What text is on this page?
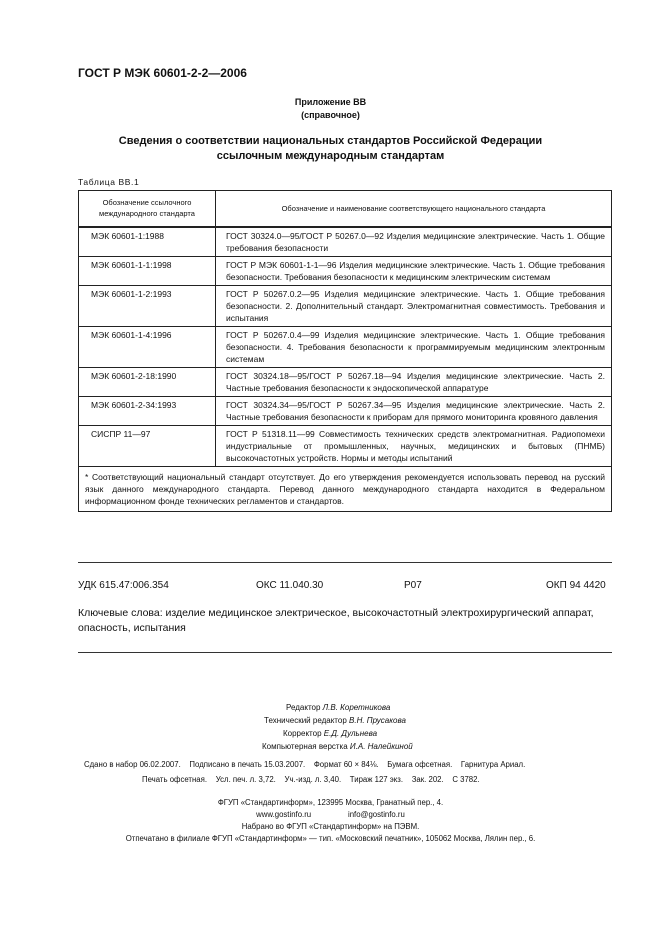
ГОСТ Р МЭК 60601-2-2—2006
Приложение ВВ
(справочное)
Сведения о соответствии национальных стандартов Российской Федерации
ссылочным международным стандартам
Таблица ВВ.1
Обозначение ссылочного международного стандарта	Обозначение и наименование соответствующего национального стандарта
МЭК 60601-1:1988	ГОСТ 30324.0—95/ГОСТ Р 50267.0—92 Изделия медицинские электрические. Часть 1. Общие требования безопасности
МЭК 60601-1-1:1998	ГОСТ Р МЭК 60601-1-1—96 Изделия медицинские электрические. Часть 1. Общие требования безопасности. Требования безопасности к медицинским электрическим системам
МЭК 60601-1-2:1993	ГОСТ Р 50267.0.2—95 Изделия медицинские электрические. Часть 1. Общие требования безопасности. 2. Дополнительный стандарт. Электромагнитная совместимость. Требования и испытания
МЭК 60601-1-4:1996	ГОСТ Р 50267.0.4—99 Изделия медицинские электрические. Часть 1. Общие требования безопасности. 4. Требования безопасности к программируемым медицинским электронным системам
МЭК 60601-2-18:1990	ГОСТ 30324.18—95/ГОСТ Р 50267.18—94 Изделия медицинские электрические. Часть 2. Частные требования безопасности к эндоскопической аппаратуре
МЭК 60601-2-34:1993	ГОСТ 30324.34—95/ГОСТ Р 50267.34—95 Изделия медицинские электрические. Часть 2. Частные требования безопасности к приборам для прямого мониторинга кровяного давления
СИСПР 11—97	ГОСТ Р 51318.11—99 Совместимость технических средств электромагнитная. Радиопомехи индустриальные от промышленных, научных, медицинских и бытовых (ПНМБ) высокочастотных устройств. Нормы и методы испытаний
* Соответствующий национальный стандарт отсутствует. До его утверждения рекомендуется использовать перевод на русский язык данного международного стандарта. Перевод данного международного стандарта находится в Федеральном информационном фонде технических регламентов и стандартов.	
УДК 615.47:006.354	ОКС 11.040.30	Р07	ОКП 94 4420
Ключевые слова: изделие медицинское электрическое, высокочастотный электрохирургический аппарат, опасность, испытания
Редактор Л.В. Коретникова
Технический редактор В.Н. Прусакова
Корректор Е.Д. Дульнева
Компьютерная верстка И.А. Налейкиной
Сдано в набор 06.02.2007.    Подписано в печать 15.03.2007.    Формат 60 × 84⅛.    Бумага офсетная.    Гарнитура Ариал.
Печать офсетная.    Усл. печ. л. 3,72.    Уч.-изд. л. 3,40.    Тираж 127 экз.    Зак. 202.    С 3782.
ФГУП «Стандартинформ», 123995 Москва, Гранатный пер., 4.
www.gostinfo.ru                 info@gostinfo.ru
Набрано во ФГУП «Стандартинформ» на ПЭВМ.
Отпечатано в филиале ФГУП «Стандартинформ» — тип. «Московский печатник», 105062 Москва, Лялин пер., 6.
